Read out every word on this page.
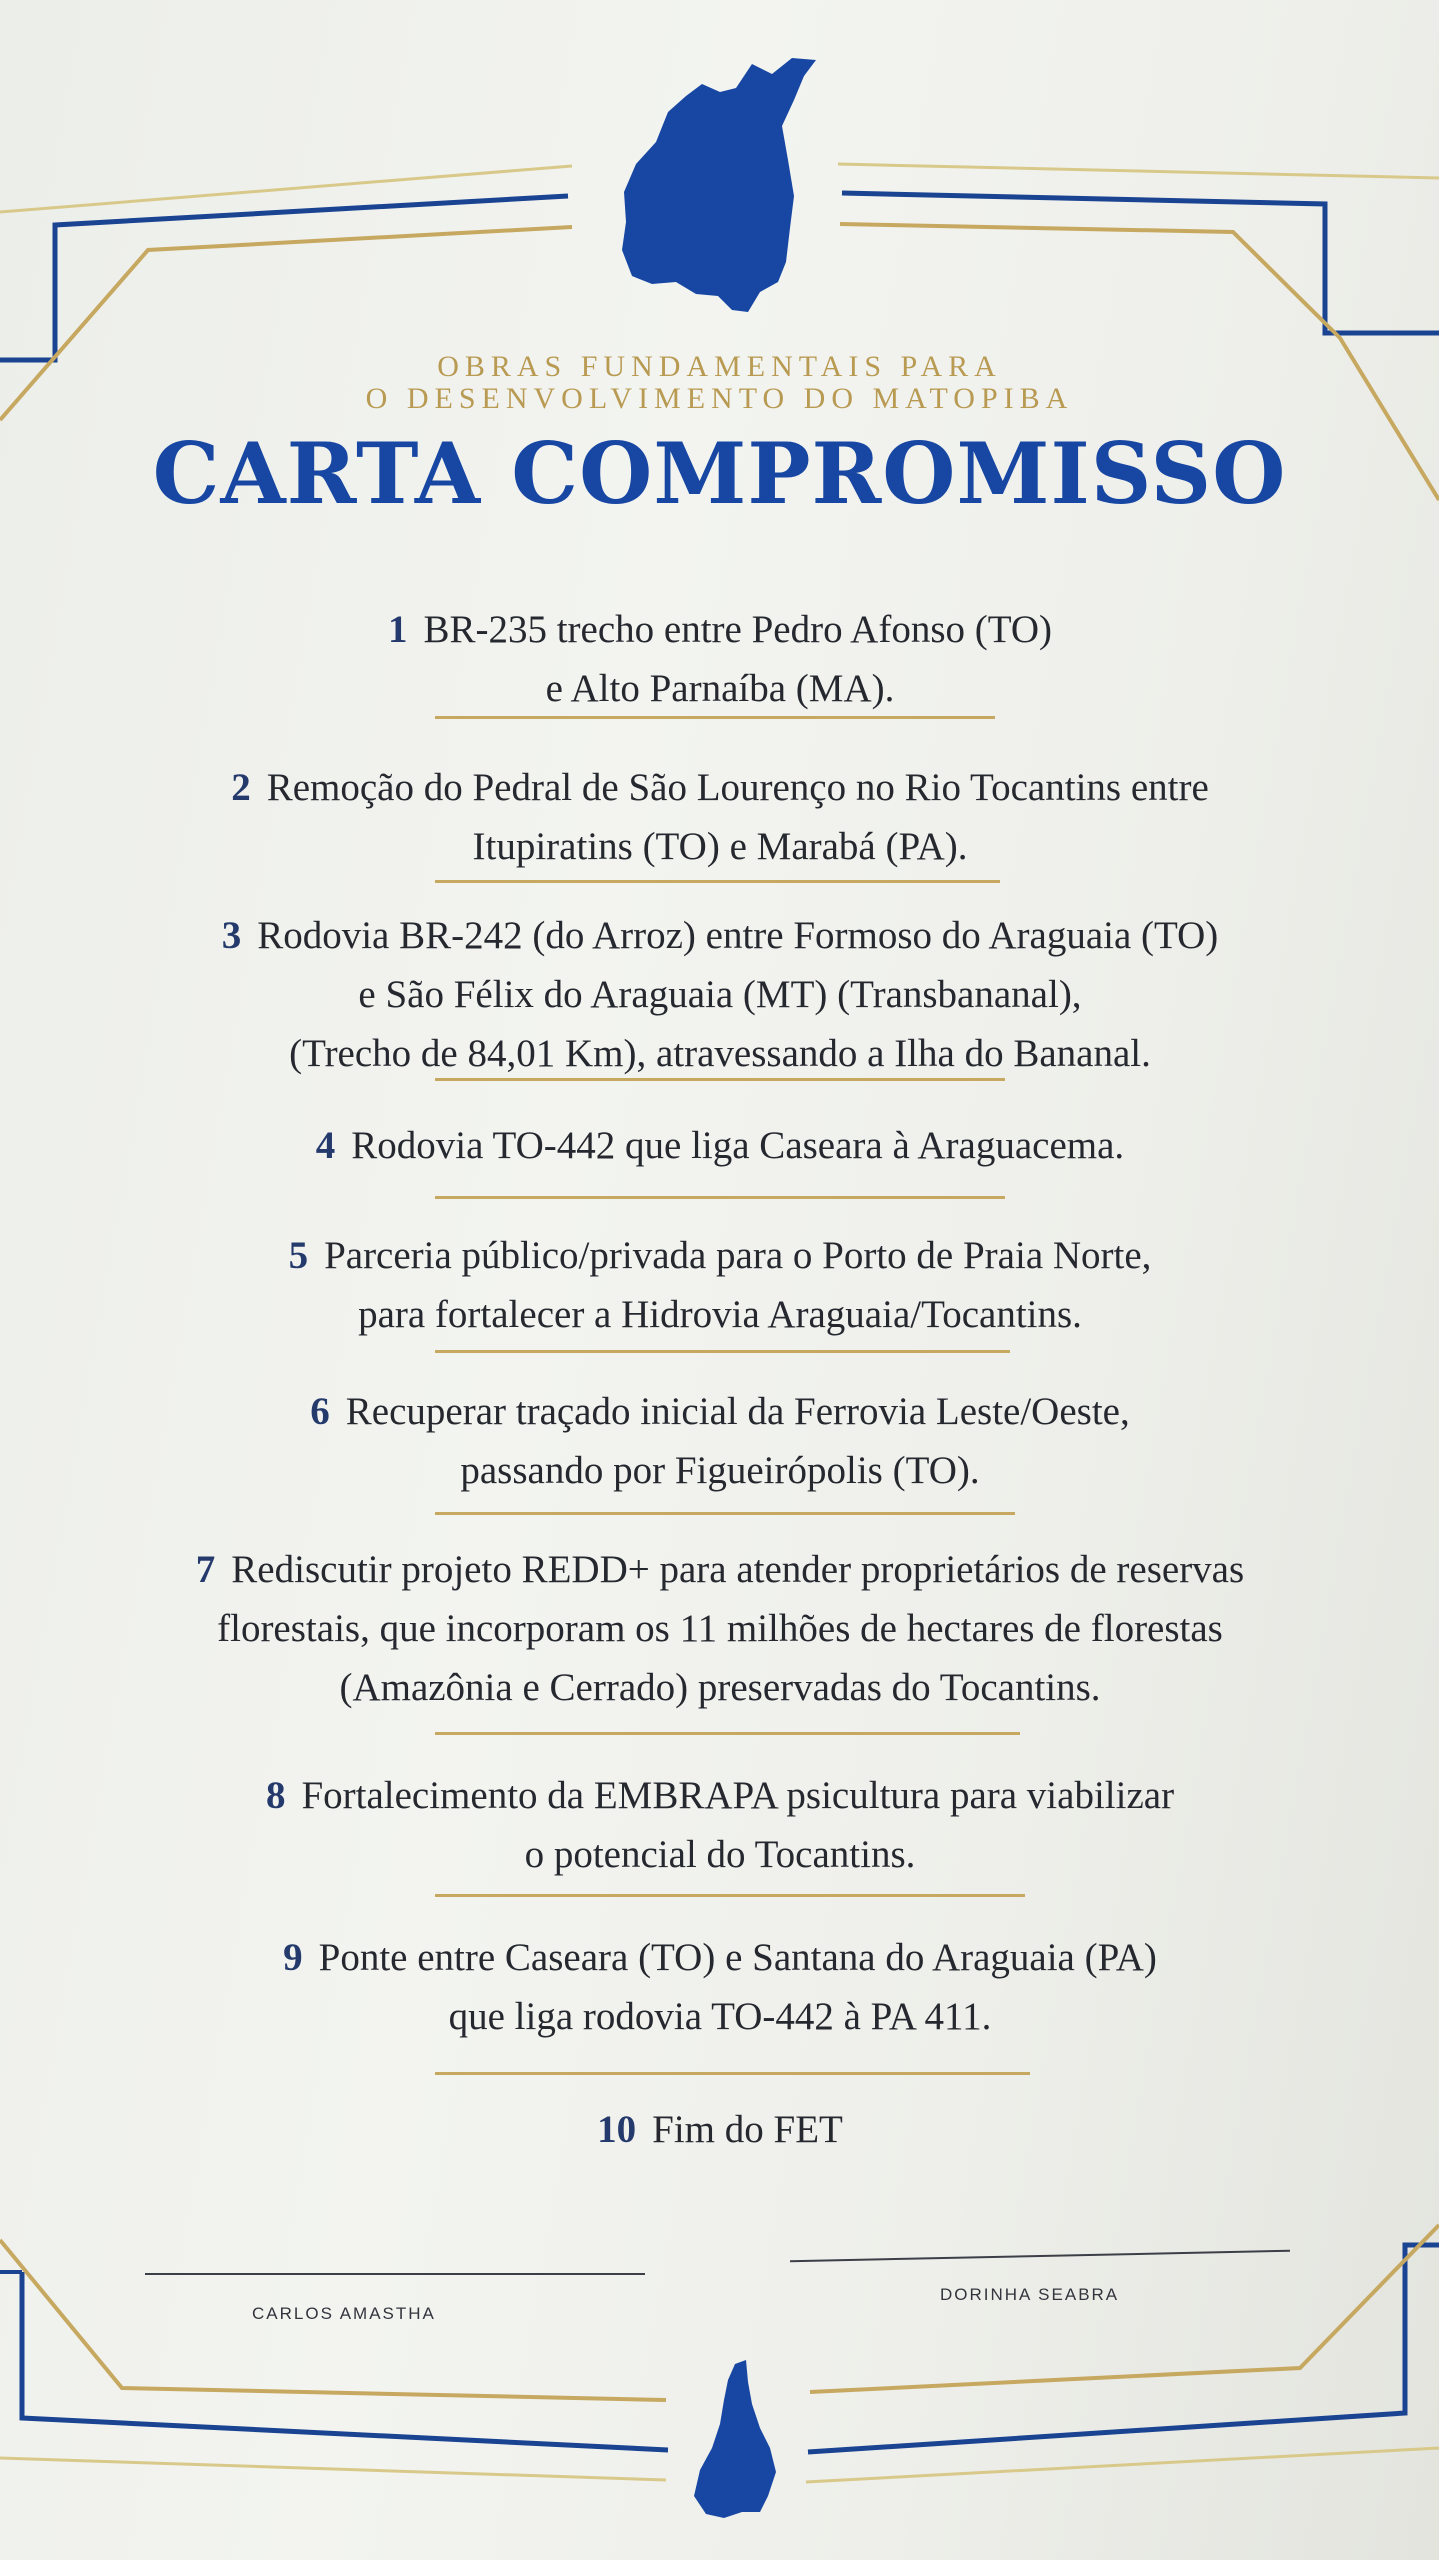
OBRAS FUNDAMENTAIS PARA

O DESENVOLVIMENTO DO MATOPIBA

CARTA COMPROMISSO

1 BR-235 trecho entre Pedro Afonso (TO)

e Alto Parnaíba (MA).

2 Remoção do Pedral de São Lourenço no Rio Tocantins entre

Itupiratins (TO) e Marabá (PA).

3 Rodovia BR-242 (do Arroz) entre Formoso do Araguaia (TO)

e São Félix do Araguaia (MT) (Transbananal),

(Trecho de 84,01 Km), atravessando a Ilha do Bananal.

4 Rodovia TO-442 que liga Caseara à Araguacema.

5 Parceria público/privada para o Porto de Praia Norte,

para fortalecer a Hidrovia Araguaia/Tocantins.

6 Recuperar traçado inicial da Ferrovia Leste/Oeste,

passando por Figueirópolis (TO).

7 Rediscutir projeto REDD+ para atender proprietários de reservas

florestais, que incorporam os 11 milhões de hectares de florestas

(Amazônia e Cerrado) preservadas do Tocantins.

8 Fortalecimento da EMBRAPA psicultura para viabilizar

o potencial do Tocantins.

9 Ponte entre Caseara (TO) e Santana do Araguaia (PA)

que liga rodovia TO-442 à PA 411.

10 Fim do FET

CARLOS AMASTHA
DORINHA SEABRA
